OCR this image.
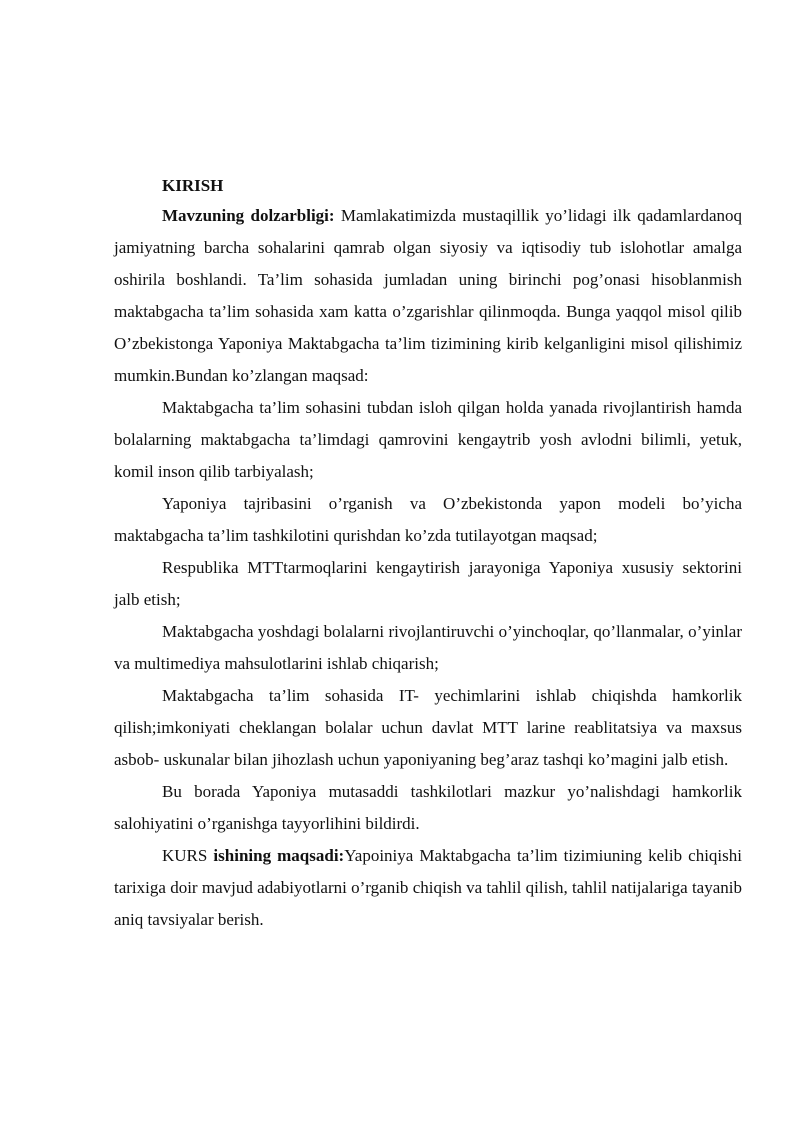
KIRISH

Mavzuning dolzarbligi: Mamlakatimizda mustaqillik yo’lidagi ilk qadamlardanoq jamiyatning barcha sohalarini qamrab olgan siyosiy va iqtisodiy tub islohotlar amalga oshirila boshlandi. Ta’lim sohasida jumladan uning birinchi pog’onasi hisoblanmish maktabgacha ta’lim sohasida xam katta o’zgarishlar qilinmoqda. Bunga yaqqol misol qilib O’zbekistonga Yaponiya Maktabgacha ta’lim tizimining kirib kelganligini misol qilishimiz mumkin.Bundan ko’zlangan maqsad:

Maktabgacha ta’lim sohasini tubdan isloh qilgan holda yanada rivojlantirish hamda bolalarning maktabgacha ta’limdagi qamrovini kengaytrib yosh avlodni bilimli, yetuk, komil inson qilib tarbiyalash;

Yaponiya tajribasini o’rganish va O’zbekistonda yapon modeli bo’yicha maktabgacha ta’lim tashkilotini qurishdan ko’zda tutilayotgan maqsad;

Respublika MTTtarmoqlarini kengaytirish jarayoniga Yaponiya xususiy sektorini jalb etish;

Maktabgacha yoshdagi bolalarni rivojlantiruvchi o’yinchoqlar, qo’llanmalar, o’yinlar va multimediya mahsulotlarini ishlab chiqarish;

Maktabgacha ta’lim sohasida IT- yechimlarini ishlab chiqishda hamkorlik qilish;imkoniyati cheklangan bolalar uchun davlat MTT larine reablitatsiya va maxsus asbob- uskunalar bilan jihozlash uchun yaponiyaning beg’araz tashqi ko’magini jalb etish.

Bu borada Yaponiya mutasaddi tashkilotlari mazkur yo’nalishdagi hamkorlik salohiyatini o’rganishga tayyorlihini bildirdi.

KURS ishining maqsadi:Yapoiniya Maktabgacha ta’lim tizimiuning kelib chiqishi tarixiga doir mavjud adabiyotlarni o’rganib chiqish va tahlil qilish, tahlil natijalariga tayanib aniq tavsiyalar berish.
